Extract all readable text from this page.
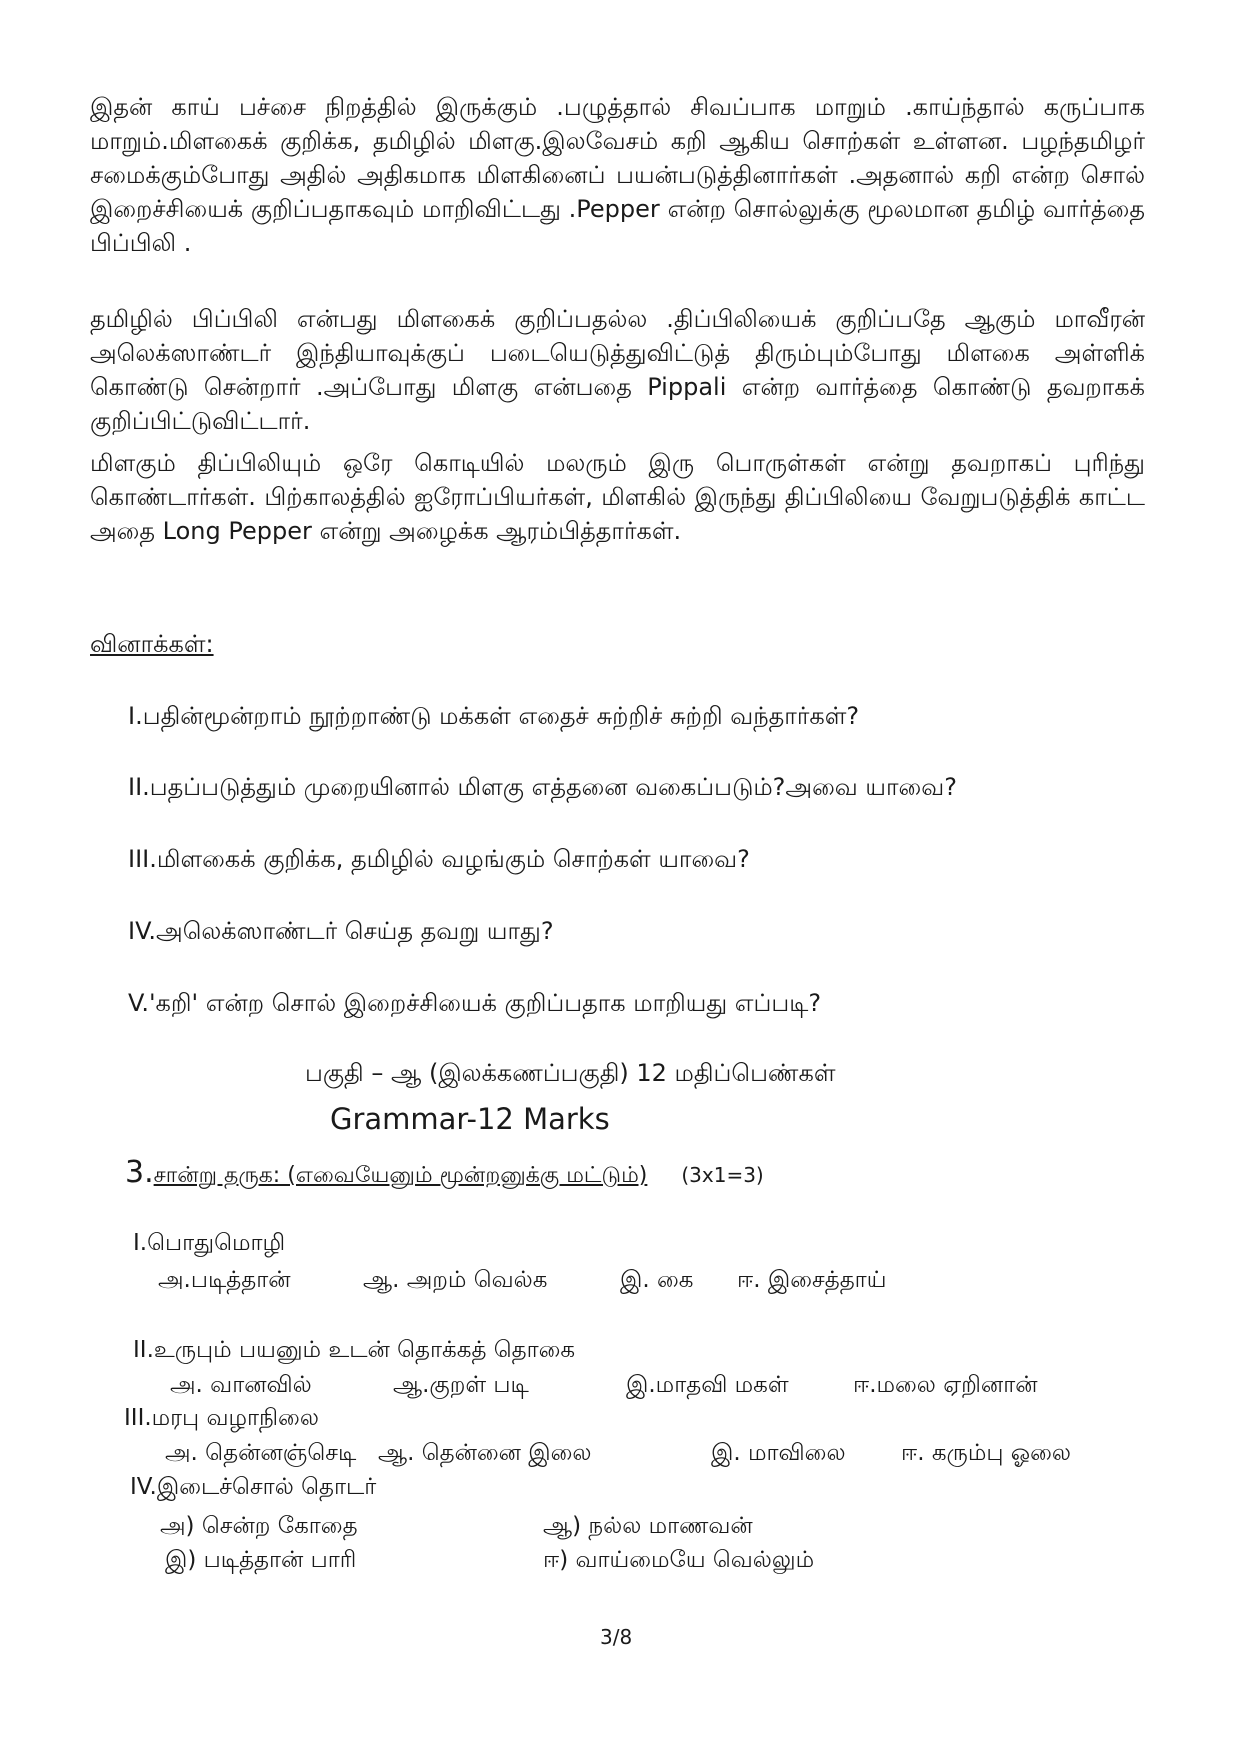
இதன் காய் பச்சை நிறத்தில் இருக்கும் .பழுத்தால் சிவப்பாக மாறும் .காய்ந்தால் கருப்பாக மாறும்.மிளகைக் குறிக்க, தமிழில் மிளகு.இலவேசம் கறி ஆகிய சொற்கள் உள்ளன. பழந்தமிழர் சமைக்கும்போது அதில் அதிகமாக மிளகினைப் பயன்படுத்தினார்கள் .அதனால் கறி என்ற சொல் இறைச்சியைக் குறிப்பதாகவும் மாறிவிட்டது .Pepper என்ற சொல்லுக்கு மூலமான தமிழ் வார்த்தை பிப்பிலி .

தமிழில் பிப்பிலி என்பது மிளகைக் குறிப்பதல்ல .திப்பிலியைக் குறிப்பதே ஆகும் மாவீரன் அலெக்ஸாண்டர் இந்தியாவுக்குப் படையெடுத்துவிட்டுத் திரும்பும்போது மிளகை அள்ளிக் கொண்டு சென்றார் .அப்போது மிளகு என்பதை Pippali என்ற வார்த்தை கொண்டு தவறாகக் குறிப்பிட்டுவிட்டார்.

மிளகும் திப்பிலியும் ஒரே கொடியில் மலரும் இரு பொருள்கள் என்று தவறாகப் புரிந்து கொண்டார்கள். பிற்காலத்தில் ஐரோப்பியர்கள், மிளகில் இருந்து திப்பிலியை வேறுபடுத்திக் காட்ட அதை Long Pepper என்று அழைக்க ஆரம்பித்தார்கள்.

வினாக்கள்:
I.பதின்மூன்றாம் நூற்றாண்டு மக்கள் எதைச் சுற்றிச் சுற்றி வந்தார்கள்?
II.பதப்படுத்தும் முறையினால் மிளகு எத்தனை வகைப்படும்?அவை யாவை?
III.மிளகைக் குறிக்க, தமிழில் வழங்கும் சொற்கள் யாவை?
IV.அலெக்ஸாண்டர் செய்த தவறு யாது?
V.'கறி' என்ற சொல் இறைச்சியைக் குறிப்பதாக மாறியது எப்படி?
பகுதி – ஆ (இலக்கணப்பகுதி) 12 மதிப்பெண்கள்
Grammar-12 Marks
3.சான்று தருக: (எவையேனும் மூன்றனுக்கு மட்டும்) (3x1=3)
I.பொதுமொழி
அ.படித்தான்	ஆ. அறம் வெல்க	இ. கை ஈ. இசைத்தாய்
II.உருபும் பயனும் உடன் தொக்கத் தொகை
அ. வானவில்	ஆ.குறள் படி	இ.மாதவி மகள்	ஈ.மலை ஏறினான்
III.மரபு வழாநிலை
அ. தென்னஞ்செடி ஆ. தென்னை இலை	இ. மாவிலை ஈ. கரும்பு ஓலை
IV.இடைச்சொல் தொடர்
அ) சென்ற கோதை	ஆ) நல்ல மாணவன்
இ) படித்தான் பாரி	ஈ) வாய்மையே வெல்லும்
3/8
